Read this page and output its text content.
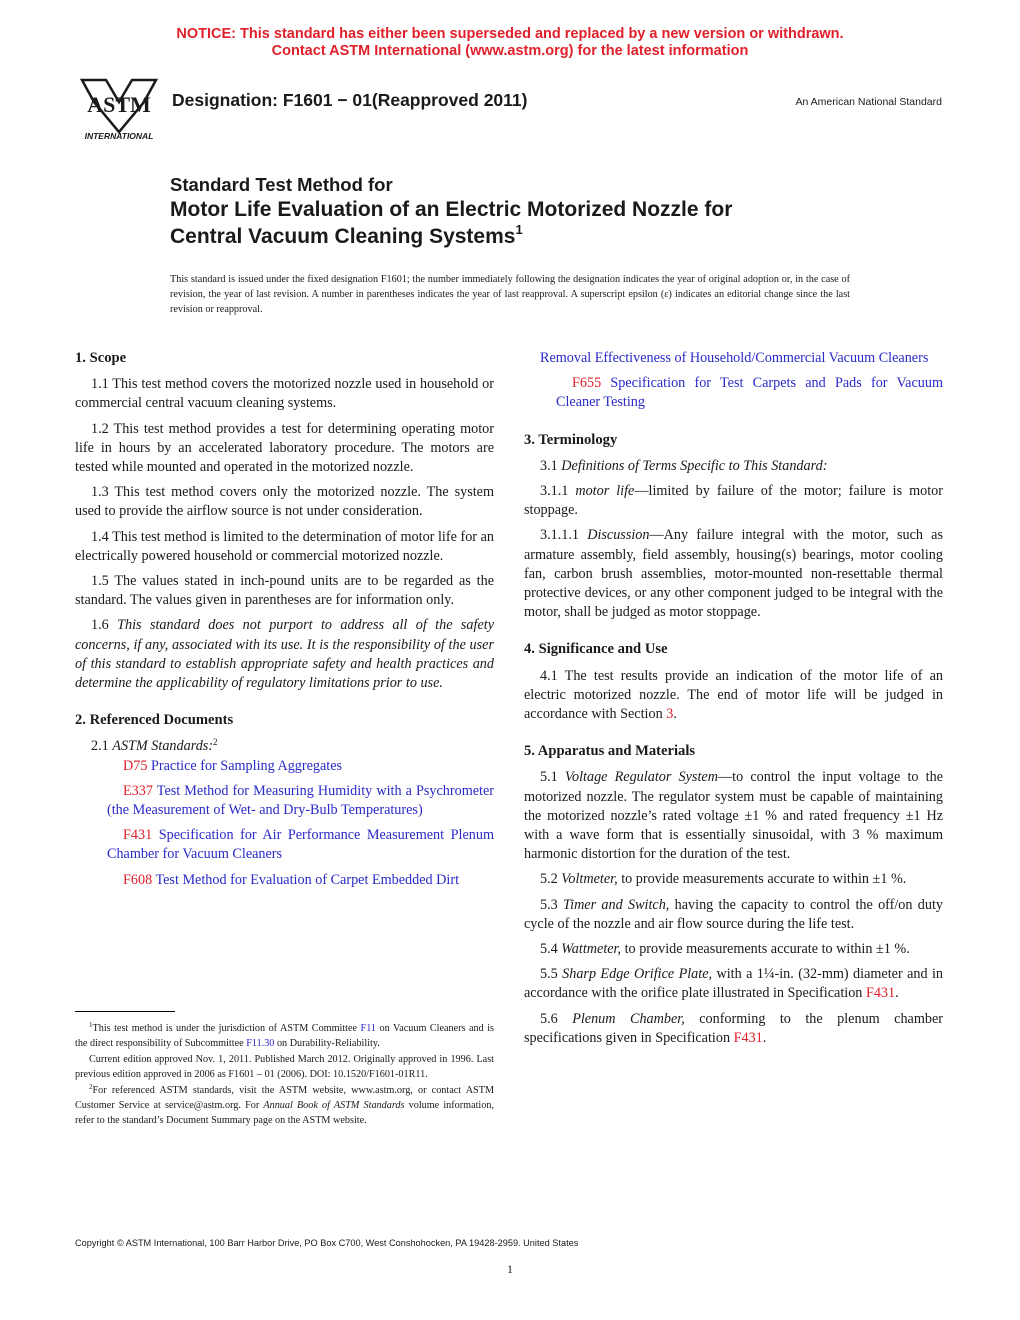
NOTICE: This standard has either been superseded and replaced by a new version or withdrawn.
Contact ASTM International (www.astm.org) for the latest information
ASTM
INTERNATIONAL
Designation: F1601 − 01(Reapproved 2011)	An American National Standard
Standard Test Method for
Motor Life Evaluation of an Electric Motorized Nozzle for
Central Vacuum Cleaning Systems$^1$
This standard is issued under the fixed designation F1601; the number immediately following the designation indicates the year of original adoption or, in the case of revision, the year of last revision. A number in parentheses indicates the year of last reapproval. A superscript epsilon (ε) indicates an editorial change since the last revision or reapproval.
1. Scope

1.1 This test method covers the motorized nozzle used in household or commercial central vacuum cleaning systems.

1.2 This test method provides a test for determining operating motor life in hours by an accelerated laboratory procedure. The motors are tested while mounted and operated in the motorized nozzle.

1.3 This test method covers only the motorized nozzle. The system used to provide the airflow source is not under consideration.

1.4 This test method is limited to the determination of motor life for an electrically powered household or commercial motorized nozzle.

1.5 The values stated in inch-pound units are to be regarded as the standard. The values given in parentheses are for information only.

1.6 This standard does not purport to address all of the safety concerns, if any, associated with its use. It is the responsibility of the user of this standard to establish appropriate safety and health practices and determine the applicability of regulatory limitations prior to use.

2. Referenced Documents

2.1 ASTM Standards:$^2$

D75 Practice for Sampling Aggregates

E337 Test Method for Measuring Humidity with a Psychrometer (the Measurement of Wet- and Dry-Bulb Temperatures)

F431 Specification for Air Performance Measurement Plenum Chamber for Vacuum Cleaners

F608 Test Method for Evaluation of Carpet Embedded Dirt

$^1$This test method is under the jurisdiction of ASTM Committee F11 on Vacuum Cleaners and is the direct responsibility of Subcommittee F11.30 on Durability-Reliability.

Current edition approved Nov. 1, 2011. Published March 2012. Originally approved in 1996. Last previous edition approved in 2006 as F1601 – 01 (2006). DOI: 10.1520/F1601-01R11.

$^2$For referenced ASTM standards, visit the ASTM website, www.astm.org, or contact ASTM Customer Service at service@astm.org. For Annual Book of ASTM Standards volume information, refer to the standard’s Document Summary page on the ASTM website.

Removal Effectiveness of Household/Commercial Vacuum Cleaners

F655 Specification for Test Carpets and Pads for Vacuum Cleaner Testing

3. Terminology

3.1 Definitions of Terms Specific to This Standard:

3.1.1 motor life—limited by failure of the motor; failure is motor stoppage.

3.1.1.1 Discussion—Any failure integral with the motor, such as armature assembly, field assembly, housing(s) bearings, motor cooling fan, carbon brush assemblies, motor-mounted non-resettable thermal protective devices, or any other component judged to be integral with the motor, shall be judged as motor stoppage.

4. Significance and Use

4.1 The test results provide an indication of the motor life of an electric motorized nozzle. The end of motor life will be judged in accordance with Section 3.

5. Apparatus and Materials

5.1 Voltage Regulator System—to control the input voltage to the motorized nozzle. The regulator system must be capable of maintaining the motorized nozzle’s rated voltage ±1 % and rated frequency ±1 Hz with a wave form that is essentially sinusoidal, with 3 % maximum harmonic distortion for the duration of the test.

5.2 Voltmeter, to provide measurements accurate to within ±1 %.

5.3 Timer and Switch, having the capacity to control the off/on duty cycle of the nozzle and air flow source during the life test.

5.4 Wattmeter, to provide measurements accurate to within ±1 %.

5.5 Sharp Edge Orifice Plate, with a 1¼-in. (32-mm) diameter and in accordance with the orifice plate illustrated in Specification F431.

5.6 Plenum Chamber, conforming to the plenum chamber specifications given in Specification F431.

Copyright © ASTM International, 100 Barr Harbor Drive, PO Box C700, West Conshohocken, PA 19428-2959. United States
1
